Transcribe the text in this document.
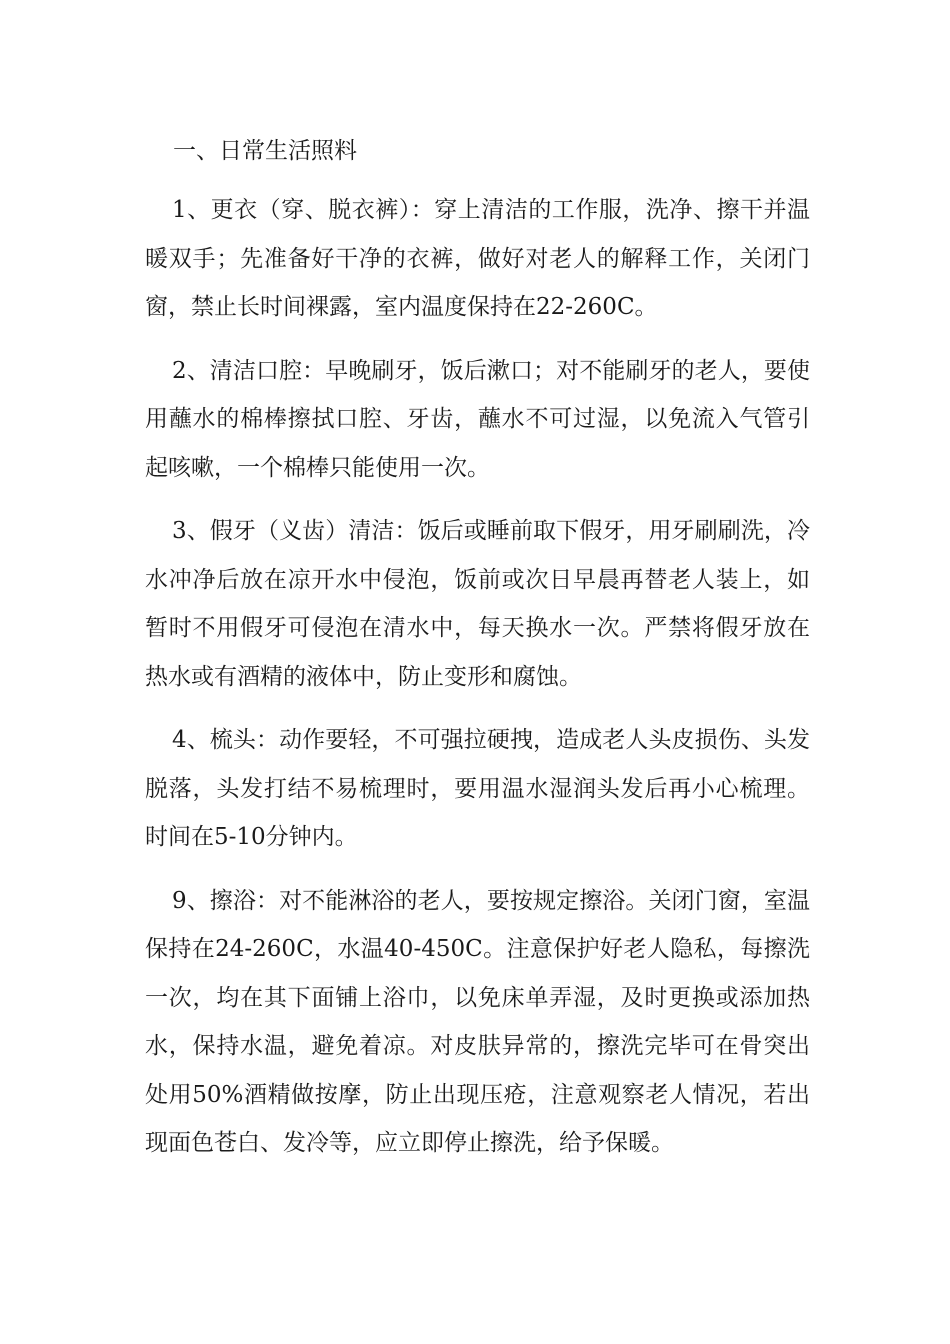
一、日常生活照料

1、更衣（穿、脱衣裤）：穿上清洁的工作服，洗净、擦干并温暖双手；先准备好干净的衣裤，做好对老人的解释工作，关闭门窗，禁止长时间裸露，室内温度保持在22-260C。

2、清洁口腔：早晚刷牙，饭后漱口；对不能刷牙的老人，要使用蘸水的棉棒擦拭口腔、牙齿，蘸水不可过湿，以免流入气管引起咳嗽，一个棉棒只能使用一次。

3、假牙（义齿）清洁：饭后或睡前取下假牙，用牙刷刷洗，冷水冲净后放在凉开水中侵泡，饭前或次日早晨再替老人装上，如暂时不用假牙可侵泡在清水中，每天换水一次。严禁将假牙放在热水或有酒精的液体中，防止变形和腐蚀。

4、梳头：动作要轻，不可强拉硬拽，造成老人头皮损伤、头发脱落，头发打结不易梳理时，要用温水湿润头发后再小心梳理。时间在5-10分钟内。

9、擦浴：对不能淋浴的老人，要按规定擦浴。关闭门窗，室温保持在24-260C，水温40-450C。注意保护好老人隐私，每擦洗一次，均在其下面铺上浴巾，以免床单弄湿，及时更换或添加热水，保持水温，避免着凉。对皮肤异常的，擦洗完毕可在骨突出处用50%酒精做按摩，防止出现压疮，注意观察老人情况，若出现面色苍白、发冷等，应立即停止擦洗，给予保暖。
